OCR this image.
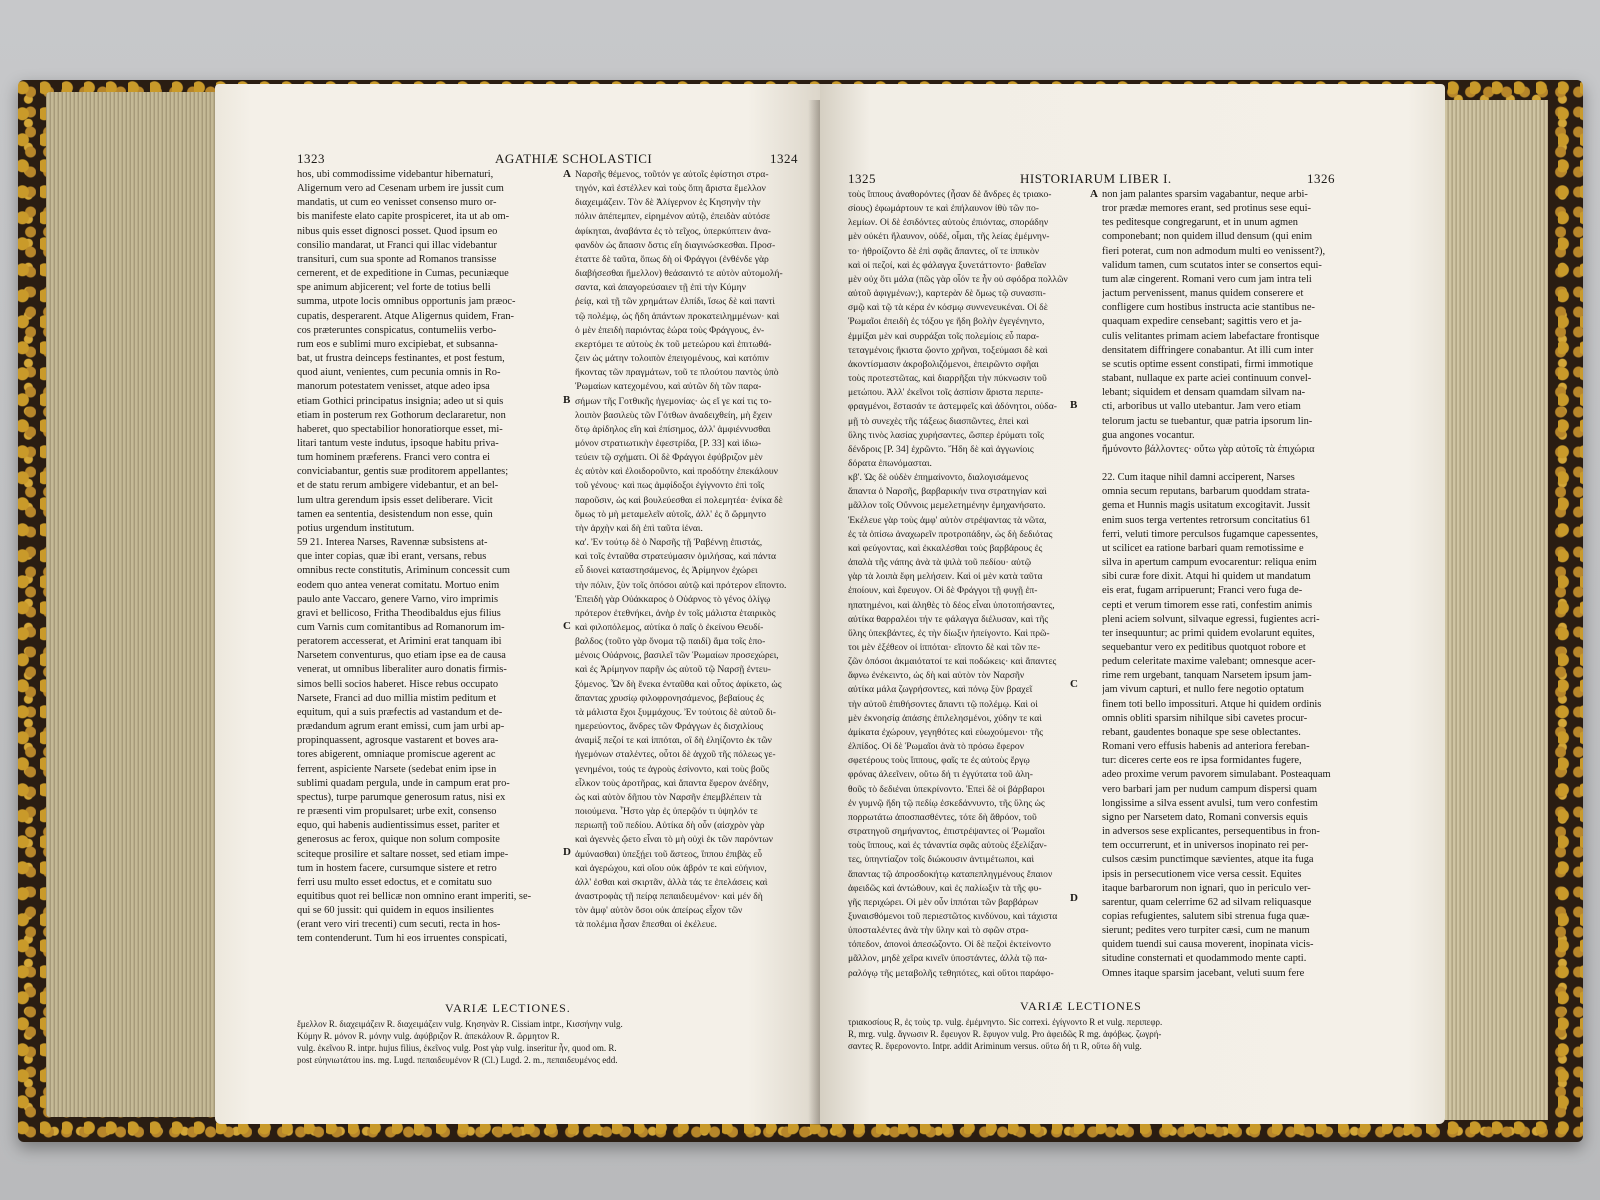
1323	AGATHIÆ SCHOLASTICI	1324
hos, ubi commodissime videbantur hibernaturi,
Aligernum vero ad Cesenam urbem ire jussit cum
mandatis, ut cum eo venisset consenso muro or-
bis manifeste elato capite prospiceret, ita ut ab om-
nibus quis esset dignosci posset. Quod ipsum eo
consilio mandarat, ut Franci qui illac videbantur
transituri, cum sua sponte ad Romanos transisse
cernerent, et de expeditione in Cumas, pecuniæque
spe animum abjicerent; vel forte de totius belli
summa, utpote locis omnibus opportunis jam præoc-
cupatis, desperarent. Atque Aligernus quidem, Fran-
cos præteruntes conspicatus, contumeliis verbo-
rum eos e sublimi muro excipiebat, et subsanna-
bat, ut frustra deinceps festinantes, et post festum,
quod aiunt, venientes, cum pecunia omnis in Ro-
manorum potestatem venisset, atque adeo ipsa
etiam Gothici principatus insignia; adeo ut si quis
etiam in posterum rex Gothorum declararetur, non
haberet, quo spectabilior honoratiorque esset, mi-
litari tantum veste indutus, ipsoque habitu priva-
tum hominem præferens. Franci vero contra ei
conviciabantur, gentis suæ proditorem appellantes;
et de statu rerum ambigere videbantur, et an bel-
lum ultra gerendum ipsis esset deliberare. Vicit
tamen ea sententia, desistendum non esse, quin
potius urgendum institutum.
59 21. Interea Narses, Ravennæ subsistens at-
que inter copias, quæ ibi erant, versans, rebus
omnibus recte constitutis, Ariminum concessit cum
eodem quo antea venerat comitatu. Mortuo enim
paulo ante Vaccaro, genere Varno, viro imprimis
gravi et bellicoso, Fritha Theodibaldus ejus filius
cum Varnis cum comitantibus ad Romanorum im-
peratorem accesserat, et Arimini erat tanquam ibi
Narsetem conventurus, quo etiam ipse ea de causa
venerat, ut omnibus liberaliter auro donatis firmis-
simos belli socios haberet. Hisce rebus occupato
Narsete, Franci ad duo millia mistim peditum et
equitum, qui a suis præfectis ad vastandum et de-
prædandum agrum erant emissi, cum jam urbi ap-
propinquassent, agrosque vastarent et boves ara-
tores abigerent, omniaque promiscue agerent ac
ferrent, aspiciente Narsete (sedebat enim ipse in
sublimi quadam pergula, unde in campum erat pro-
spectus), turpe parumque generosum ratus, nisi ex
re præsenti vim propulsaret; urbe exit, consenso
equo, qui habenis audientissimus esset, pariter et
generosus ac ferox, quique non solum composite
sciteque prosilire et saltare nosset, sed etiam impe-
tum in hostem facere, cursumque sistere et retro
ferri usu multo esset edoctus, et e comitatu suo
equitibus quot rei bellicæ non omnino erant imperiti, se-
qui se 60 jussit: qui quidem in equos insilientes
(erant vero viri trecenti) cum secuti, recta in hos-
tem contenderunt. Tum hi eos irruentes conspicati,
A
B
C
D
Ναρσῆς θέμενος, τοῦτόν γε αὐτοῖς ἐφίστησι στρα-
τηγόν, καὶ ἐστέλλεν καὶ τοὺς ὅπη ἄριστα ἔμελλον
διαχειμάζειν. Τὸν δὲ Ἀλίγερνον ἐς Κησηνὴν τὴν
πόλιν ἀπέπεμπεν, εἰρημένον αὐτῷ, ἐπειδὰν αὐτόσε
ἀφίκηται, ἀναβάντα ἐς τὸ τεῖχος, ὑπερκύπτειν ἀνα-
φανδὸν ὡς ἅπασιν ὅστις εἴη διαγινώσκεσθαι. Προσ-
έταττε δὲ ταῦτα, ὅπως δὴ οἱ Φράγγοι (ἐνθένδε γὰρ
διαβήσεσθαι ἤμελλον) θεάσαιντό τε αὐτὸν αὐτομολή-
σαντα, καὶ ἀπαγορεύσαιεν τῇ ἐπὶ τὴν Κύμην
ῥείᾳ, καὶ τῇ τῶν χρημάτων ἐλπίδι, ἴσως δὲ καὶ παντὶ
τῷ πολέμῳ, ὡς ἤδη ἁπάντων προκατειλημμένων· καὶ
ὁ μὲν ἐπειδὴ παριόντας ἑώρα τοὺς Φράγγους, ἐν-
εκερτόμει τε αὐτοὺς ἐκ τοῦ μετεώρου καὶ ἐπιτωθά-
ζειν ὡς μάτην τολοιπὸν ἐπειγομένους, καὶ κατόπιν
ἥκοντας τῶν πραγμάτων, τοῦ τε πλούτου παντὸς ὑπὸ
Ῥωμαίων κατεχομένου, καὶ αὐτῶν δὴ τῶν παρα-
σήμων τῆς Γοτθικῆς ἡγεμονίας· ὡς εἴ γε καί τις το-
λοιπὸν βασιλεὺς τῶν Γότθων ἀναδειχθείη, μὴ ἔχειν
ὅτῳ ἀρίδηλος εἴη καὶ ἐπίσημος, ἀλλ' ἀμφιέννυσθαι
μόνον στρατιωτικὴν ἐφεστρίδα, [P. 33] καὶ ἰδιω-
τεύειν τῷ σχήματι. Οἱ δὲ Φράγγοι ἐφύβριζον μὲν
ἐς αὐτὸν καὶ ἐλοιδοροῦντο, καὶ προδότην ἐπεκάλουν
τοῦ γένους· καὶ πως ἀμφίδοξοι ἐγίγνοντο ἐπὶ τοῖς
παροῦσιν, ὡς καὶ βουλεύεσθαι εἰ πολεμητέα· ἐνίκα δὲ
ὅμως τὸ μὴ μεταμελεῖν αὐτοῖς, ἀλλ' ἐς ὃ ὥρμηντο
τὴν ἀρχὴν καὶ δὴ ἐπὶ ταῦτα ἰέναι.
κα'. Ἐν τούτῳ δὲ ὁ Ναρσῆς τῇ Ῥαβέννῃ ἐπιστάς,
καὶ τοῖς ἐνταῦθα στρατεύμασιν ὁμιλήσας, καὶ πάντα
εὖ διονεὶ καταστησάμενος, ἐς Ἀρίμηνον ἐχώρει
τὴν πόλιν, ξὺν τοῖς ὁπόσοι αὐτῷ καὶ πρότερον εἵποντο.
Ἐπειδὴ γὰρ Οὐάκκαρος ὁ Οὐάρνος τὸ γένος ὀλίγῳ
πρότερον ἐτεθνήκει, ἀνὴρ ἐν τοῖς μάλιστα ἑταιρικὸς
καὶ φιλοπόλεμος, αὐτίκα ὁ παῖς ὁ ἐκείνου Θευδί-
βαλδος (τοῦτο γὰρ ὄνομα τῷ παιδί) ἅμα τοῖς ἑπο-
μένοις Οὐάρνοις, βασιλεῖ τῶν Ῥωμαίων προσεχώρει,
καὶ ἐς Ἀρίμηνον παρῆν ὡς αὐτοῦ τῷ Ναρσῇ ἐντευ-
ξόμενος. Ὧν δὴ ἕνεκα ἐνταῦθα καὶ οὗτος ἀφίκετο, ὡς
ἅπαντας χρυσίῳ φιλοφρονησάμενος, βεβαίους ἐς
τὰ μάλιστα ἔχοι ξυμμάχους. Ἐν τούτοις δὲ αὐτοῦ δι-
ημερεύοντος, ἄνδρες τῶν Φράγγων ἐς δισχιλίους
ἀναμὶξ πεζοί τε καὶ ἱππόται, οἳ δὴ ἐληίζοντο ἐκ τῶν
ἡγεμόνων σταλέντες, οὗτοι δὲ ἀγχοῦ τῆς πόλεως γε-
γενημένοι, τούς τε ἀγροὺς ἐσίνοντο, καὶ τοὺς βοῦς
εἷλκον τοὺς ἀροτῆρας, καὶ ἅπαντα ἔφερον ἀνέδην,
ὡς καὶ αὐτὸν δῆπου τὸν Ναρσῆν ἐπεμβλέπειν τὰ
ποιούμενα. Ἦστο γὰρ ἐς ὑπερῷόν τι ὑψηλόν τε
περιωπῇ τοῦ πεδίου. Αὐτίκα δὴ οὖν (αἰσχρὸν γὰρ
καὶ ἀγεννὲς ᾤετο εἶναι τὸ μὴ οὐχὶ ἐκ τῶν παρόντων
ἀμύνασθαι) ὑπεξῄει τοῦ ἄστεος, ἵππου ἐπιβὰς εὖ
καὶ ἀγερώχου, καὶ οἵου οὐκ ἀβρόν τε καὶ εὐήνιον,
ἀλλ' ἐσθαι καὶ σκιρτᾶν, ἀλλὰ τάς τε ἐπελάσεις καὶ
ἀναστροφὰς τῇ πείρᾳ πεπαιδευμένον· καὶ μέν δὴ
τὸν ἀμφ' αὐτὸν ὅσοι οὐκ ἀπείρως εἶχον τῶν
τὰ πολέμια ἦσαν ἕπεσθαι οἱ ἐκέλευε.
VARIÆ LECTIONES.
ἔμελλον R. διαχειμάζειν R. διαχειμάζειν vulg. Κησηνὰν R. Cissiam intpr., Κισσήνην vulg.
Κύμην R. μόνον R. μόνην vulg. ἀφύβριζον R. ἀπεκάλουν R. ὥρμητον R.
vulg. ἐκεῖνου R. intpr. hujus filius, ἐκεῖνος vulg. Post γὰρ vulg. inseritur ἦν, quod om. R.
post εὐηνιωτάτου ins. mg. Lugd. πεπαιδευμένον R (Cl.) Lugd. 2. m., πεπαιδευμένος edd.
1325	HISTORIARUM LIBER I.	1326
τοὺς ἵππους ἀναθορόντες (ἦσαν δὲ ἄνδρες ἐς τριακο-
σίους) ἐφωμάρτουν τε καὶ ἐπήλαυνον ἰθὺ τῶν πο-
λεμίων. Οἱ δὲ ἐσιδόντες αὐτοὺς ἐπιόντας, σποράδην
μὲν οὐκέτι ἤλαυνον, οὐδέ, οἶμαι, τῆς λείας ἐμέμνην-
το· ἠθροίζοντο δὲ ἐπὶ σφᾶς ἅπαντες, οἵ τε ἱππικὸν
καὶ οἱ πεζοί, καὶ ἐς φάλαγγα ξυνετάττοντο· βαθεῖαν
μὲν οὐχ ὅτι μάλα (πῶς γὰρ οἷόν τε ἦν οὐ σφόδρα πολλῶν
αὐτοῦ ἀφιγμένων;), καρτερὰν δὲ ὅμως τῷ συνασπι-
σμῷ καὶ τῷ τὰ κέρα ἐν κόσμῳ συννενευκέναι. Οἱ δὲ
Ῥωμαῖοι ἐπειδὴ ἐς τόξου γε ἤδη βολὴν ἐγεγένηντο,
ἐμμίξαι μὲν καὶ συρράξαι τοῖς πολεμίοις εὖ παρα-
τεταγμένοις ἥκιστα ᾤοντο χρῆναι, τοξεύμασι δὲ καὶ
ἀκοντίσμασιν ἀκροβολιζόμενοι, ἐπειρῶντο σφῆαι
τοὺς προτεστῶτας, καὶ διαρρῆξαι τὴν πύκνωσιν τοῦ
μετώπου. Ἀλλ' ἐκεῖνοι τοῖς ἀσπίσιν ἄριστα περιπε-
φραγμένοι, ἔστασάν τε ἀστεμφεῖς καὶ ἀδόνητοι, οὐδα-
μῇ τὸ συνεχὲς τῆς τάξεως διασπῶντες, ἐπεὶ καὶ
ὕλης τινὸς λασίας χυρήσαντες, ὥσπερ ἐρύματι τοῖς
δένδροις [P. 34] ἐχρῶντο. Ἤδη δὲ καὶ ἀγγωνίοις
δόρατα ἐπωνόμασται.
κβ'. Ὡς δὲ οὐδὲν ἐπημαίνοντο, διαλογισάμενος
ἅπαντα ὁ Ναρσῆς, βαρβαρικήν τινα στρατηγίαν καὶ
μᾶλλον τοῖς Οὔννοις μεμελετημένην ἐμηχανήσατο.
Ἐκέλευε γὰρ τοὺς ἀμφ' αὐτὸν στρέψαντας τὰ νῶτα,
ἐς τὰ ὀπίσω ἀναχωρεῖν προτροπάδην, ὡς δὴ δεδιότας
καὶ φεύγοντας, καὶ ἐκκαλέσθαι τοὺς βαρβάρους ἐς
ἁπαλὰ τῆς νάπης ἀνὰ τὰ ψιλὰ τοῦ πεδίου· αὐτῷ
γὰρ τὰ λοιπὰ ἔφη μελήσειν. Καὶ οἱ μὲν κατὰ ταῦτα
ἐποίουν, καὶ ἔφευγον. Οἱ δὲ Φράγγοι τῇ φυγῇ ἐπ-
ηπατημένοι, καὶ ἀληθὲς τὸ δέος εἶναι ὑποτοπήσαντες,
αὐτίκα θαρραλέοι τήν τε φάλαγγα διέλυσαν, καὶ τῆς
ὕλης ὑπεκβάντες, ἐς τὴν δίωξιν ἠπείγοντο. Καὶ πρῶ-
τοι μὲν ἐξέθεον οἱ ἱππόται· εἵποντο δὲ καὶ τῶν πε-
ζῶν ὁπόσοι ἀκμαιότατοί τε καὶ ποδώκεις· καὶ ἅπαντες
ἄφνω ἐνέκειντο, ὡς δὴ καὶ αὐτὸν τὸν Ναρσῆν
αὐτίκα μάλα ζωγρήσοντες, καὶ πόνῳ ξὺν βραχεῖ
τὴν αὐτοῦ ἐπιθήσοντες ἅπαντι τῷ πολέμῳ. Καὶ οἱ
μὲν ἐκνοησίᾳ ἁπάσης ἐπιλελησμένοι, χύδην τε καὶ
ἀμίκατα ἐχώρουν, γεγηθότες καὶ εὐωχούμενοι· τῆς
ἐλπίδος. Οἱ δὲ Ῥωμαῖοι ἀνὰ τὸ πρόσω ἔφερον
σφετέρους τοὺς ἵππους, φαῖς τε ἐς αὐτοὺς ἔργῳ
φρόνας ἀλεεῖνειν, οὕτω δή τι ἐγγύτατα τοῦ ἀλη-
θοῦς τὸ δεδιέναι ὑπεκρίνοντο. Ἐπεὶ δὲ οἱ βάρβαροι
ἐν γυμνῷ ἤδη τῷ πεδίῳ ἐσκεδάννυντο, τῆς ὕλης ὡς
πορρωτάτω ἀποσπασθέντες, τότε δὴ ἄθρόον, τοῦ
στρατηγοῦ σημήναντος, ἐπιστρέψαντες οἱ Ῥωμαῖοι
τοὺς ἵππους, καὶ ἐς τἀναντία σφᾶς αὐτοὺς ἐξελίξαν-
τες, ὑπηντίαζον τοῖς διώκουσιν ἀντιμέτωποι, καὶ
ἅπαντας τῷ ἀπροσδοκήτῳ καταπεπληγμένους ἔπαιον
ἀφειδῶς καὶ ἀντώθουν, καὶ ἐς παλίωξιν τὰ τῆς φυ-
γῆς περιχώρει. Οἱ μὲν οὖν ἱππόται τῶν βαρβάρων
ξυναισθόμενοι τοῦ περιεστῶτος κινδύνου, καὶ τάχιστα
ὑποσταλέντες ἀνὰ τὴν ὕλην καὶ τὸ σφῶν στρα-
τόπεδον, ἀπονοὶ ἀπεσώζοντο. Οἱ δὲ πεζοὶ ἐκτείνοντο
μᾶλλον, μηδὲ χεῖρα κινεῖν ὑποστάντες, ἀλλὰ τῷ πα-
ραλόγῳ τῆς μεταβολῆς τεθηπότες, καὶ οὕτοι παράφο-
A
B
C
D
non jam palantes sparsim vagabantur, neque arbi-
tror prædæ memores erant, sed protinus sese equi-
tes peditesque congregarunt, et in unum agmen
componebant; non quidem illud densum (qui enim
fieri poterat, cum non admodum multi eo venissent?),
validum tamen, cum scutatos inter se consertos equi-
tum alæ cingerent. Romani vero cum jam intra teli
jactum pervenissent, manus quidem conserere et
confligere cum hostibus instructa acie stantibus ne-
quaquam expedire censebant; sagittis vero et ja-
culis velitantes primam aciem labefactare frontisque
densitatem diffringere conabantur. At illi cum inter
se scutis optime essent constipati, firmi immotique
stabant, nullaque ex parte aciei continuum convel-
lebant; siquidem et densam quamdam silvam na-
cti, arboribus ut vallo utebantur. Jam vero etiam
telorum jactu se tuebantur, quæ patria ipsorum lin-
gua angones vocantur.
ἤμύνοντο βάλλοντες· οὕτω γὰρ αὐτοῖς τὰ ἐπιχώρια

22. Cum itaque nihil damni acciperent, Narses
omnia secum reputans, barbarum quoddam strata-
gema et Hunnis magis usitatum excogitavit. Jussit
enim suos terga vertentes retrorsum concitatius 61
ferri, veluti timore perculsos fugamque capessentes,
ut scilicet ea ratione barbari quam remotissime e
silva in apertum campum evocarentur: reliqua enim
sibi curæ fore dixit. Atqui hi quidem ut mandatum
eis erat, fugam arripuerunt; Franci vero fuga de-
cepti et verum timorem esse rati, confestim animis
pleni aciem solvunt, silvaque egressi, fugientes acri-
ter insequuntur; ac primi quidem evolarunt equites,
sequebantur vero ex peditibus quotquot robore et
pedum celeritate maxime valebant; omnesque acer-
rime rem urgebant, tanquam Narsetem ipsum jam-
jam vivum capturi, et nullo fere negotio optatum
finem toti bello impossituri. Atque hi quidem ordinis
omnis obliti sparsim nihilque sibi cavetes procur-
rebant, gaudentes bonaque spe sese oblectantes.
Romani vero effusis habenis ad anteriora fereban-
tur: diceres certe eos re ipsa formidantes fugere,
adeo proxime verum pavorem simulabant. Posteaquam
vero barbari jam per nudum campum dispersi quam
longissime a silva essent avulsi, tum vero confestim
signo per Narsetem dato, Romani conversis equis
in adversos sese explicantes, persequentibus in fron-
tem occurrerunt, et in universos inopinato rei per-
culsos cæsim punctimque sævientes, atque ita fuga
ipsis in persecutionem vice versa cessit. Equites
itaque barbarorum non ignari, quo in periculo ver-
sarentur, quam celerrime 62 ad silvam reliquasque
copias refugientes, salutem sibi strenua fuga quæ-
sierunt; pedites vero turpiter cæsi, cum ne manum
quidem tuendi sui causa moverent, inopinata vicis-
situdine consternati et quodammodo mente capti.
Omnes itaque sparsim jacebant, veluti suum fere
VARIÆ LECTIONES
τριακοσίους R, ἐς τοὺς τρ. vulg. ἐμέμνηντο. Sic correxi. ἐγίγνοντο R et vulg. περιπεφρ.
R, mrg. vulg. ἄγνωσιν R. ἔφευγον R. ἔφυγον vulg. Pro ἀφειδῶς R mg. ἀφόβως. ζωγρή-
σαντες R. ἔφερονοντο. Intpr. addit Ariminum versus. οὕτω δή τι R, οὕτω δὴ vulg.
